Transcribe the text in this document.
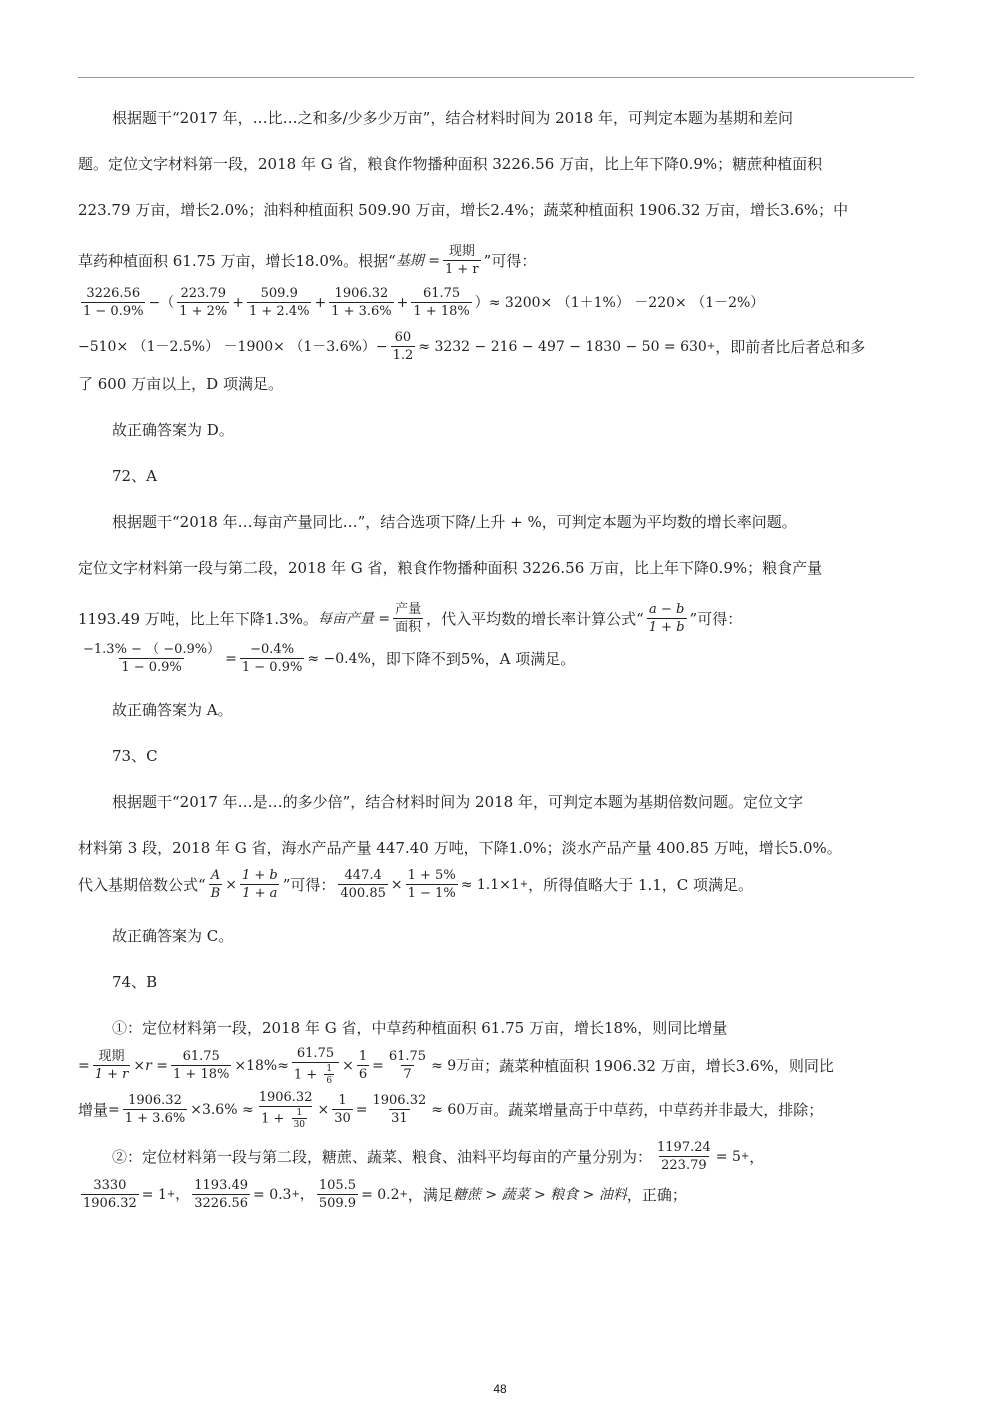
根据题干“2017 年，…比…之和多/少多少万亩”，结合材料时间为 2018 年，可判定本题为基期和差问
题。定位文字材料第一段，2018 年 G 省，粮食作物播种面积 3226.56 万亩，比上年下降0.9%；糖蔗种植面积
223.79 万亩，增长2.0%；油料种植面积 509.90 万亩，增长2.4%；蔬菜种植面积 1906.32 万亩，增长3.6%；中
草药种植面积 61.75 万亩，增长18.0%。根据“ 基期 = $\frac{\text{现期}}{1 + r}$ ”可得：
$\frac{3226.56}{1 - 0.9\%}$ − （ $\frac{223.79}{1 + 2\%} + \frac{509.9}{1 + 2.4\%} + \frac{1906.32}{1 + 3.6\%} + \frac{61.75}{1 + 18\%}$ ） ≈ 3200× （1＋1%） －220× （1－2%）
$-510\times (1-2.5\%) -1900\times (1-3.6\%)- \frac{60}{1.2} \approx 3232 - 216 - 497 - 1830 - 50 = 630$ + ，即前者比后者总和多
了 600 万亩以上，D 项满足。
故正确答案为 D。
72、A
根据题干“2018 年…每亩产量同比…”，结合选项下降/上升 + %，可判定本题为平均数的增长率问题。
定位文字材料第一段与第二段，2018 年 G 省，粮食作物播种面积 3226.56 万亩，比上年下降0.9%；粮食产量
1193.49 万吨，比上年下降1.3%。 每亩产量 = $\frac{\text{产量}}{\text{面积}}$ ，代入平均数的增长率计算公式“ $\frac{a - b}{1 + b}$ ”可得：
$\frac{-1.3\% - ( -0.9\%)}{1 - 0.9\%} = \frac{-0.4\%}{1 - 0.9\%} \approx -0.4\%$ ，即下降不到5%，A 项满足。
故正确答案为 A。
73、C
根据题干“2017 年…是…的多少倍”，结合材料时间为 2018 年，可判定本题为基期倍数问题。定位文字
材料第 3 段，2018 年 G 省，海水产品产量 447.40 万吨，下降1.0%；淡水产品产量 400.85 万吨，增长5.0%。
代入基期倍数公式“ $\frac{A}{B} \times \frac{1 + b}{1 + a}$ ”可得： $\frac{447.4}{400.85} \times \frac{1 + 5\%}{1 - 1\%} \approx 1.1\times 1$ + ，所得值略大于 1.1，C 项满足。
故正确答案为 C。
74、B
①：定位材料第一段，2018 年 G 省，中草药种植面积 61.75 万亩，增长18%，则同比增量
= $\frac{\text{现期}}{1 + r} \times r = \frac{61.75}{1 + 18\%} \times 18\%\approx \frac{61.75}{1 + \frac{1}{6}} \times \frac{1}{6} = \frac{61.75}{7} \approx 9$万亩 ；蔬菜种植面积 1906.32 万亩，增长3.6%，则同比
增量 = $\frac{1906.32}{1 + 3.6\%} \times 3.6\% \approx \frac{1906.32}{1 + \frac{1}{30}} \times \frac{1}{30} = \frac{1906.32}{31} \approx 60$万亩 。蔬菜增量高于中草药，中草药并非最大，排除；
②：定位材料第一段与第二段，糖蔗、蔬菜、粮食、油料平均每亩的产量分别为： $\frac{1197.24}{223.79} = 5$ + ，
$\frac{3330}{1906.32} = 1$ + ， $\frac{1193.49}{3226.56} = 0.3$ + ， $\frac{105.5}{509.9} = 0.2$ + ，满足 糖蔗 > 蔬菜 > 粮食 > 油料 ，正确；
48
